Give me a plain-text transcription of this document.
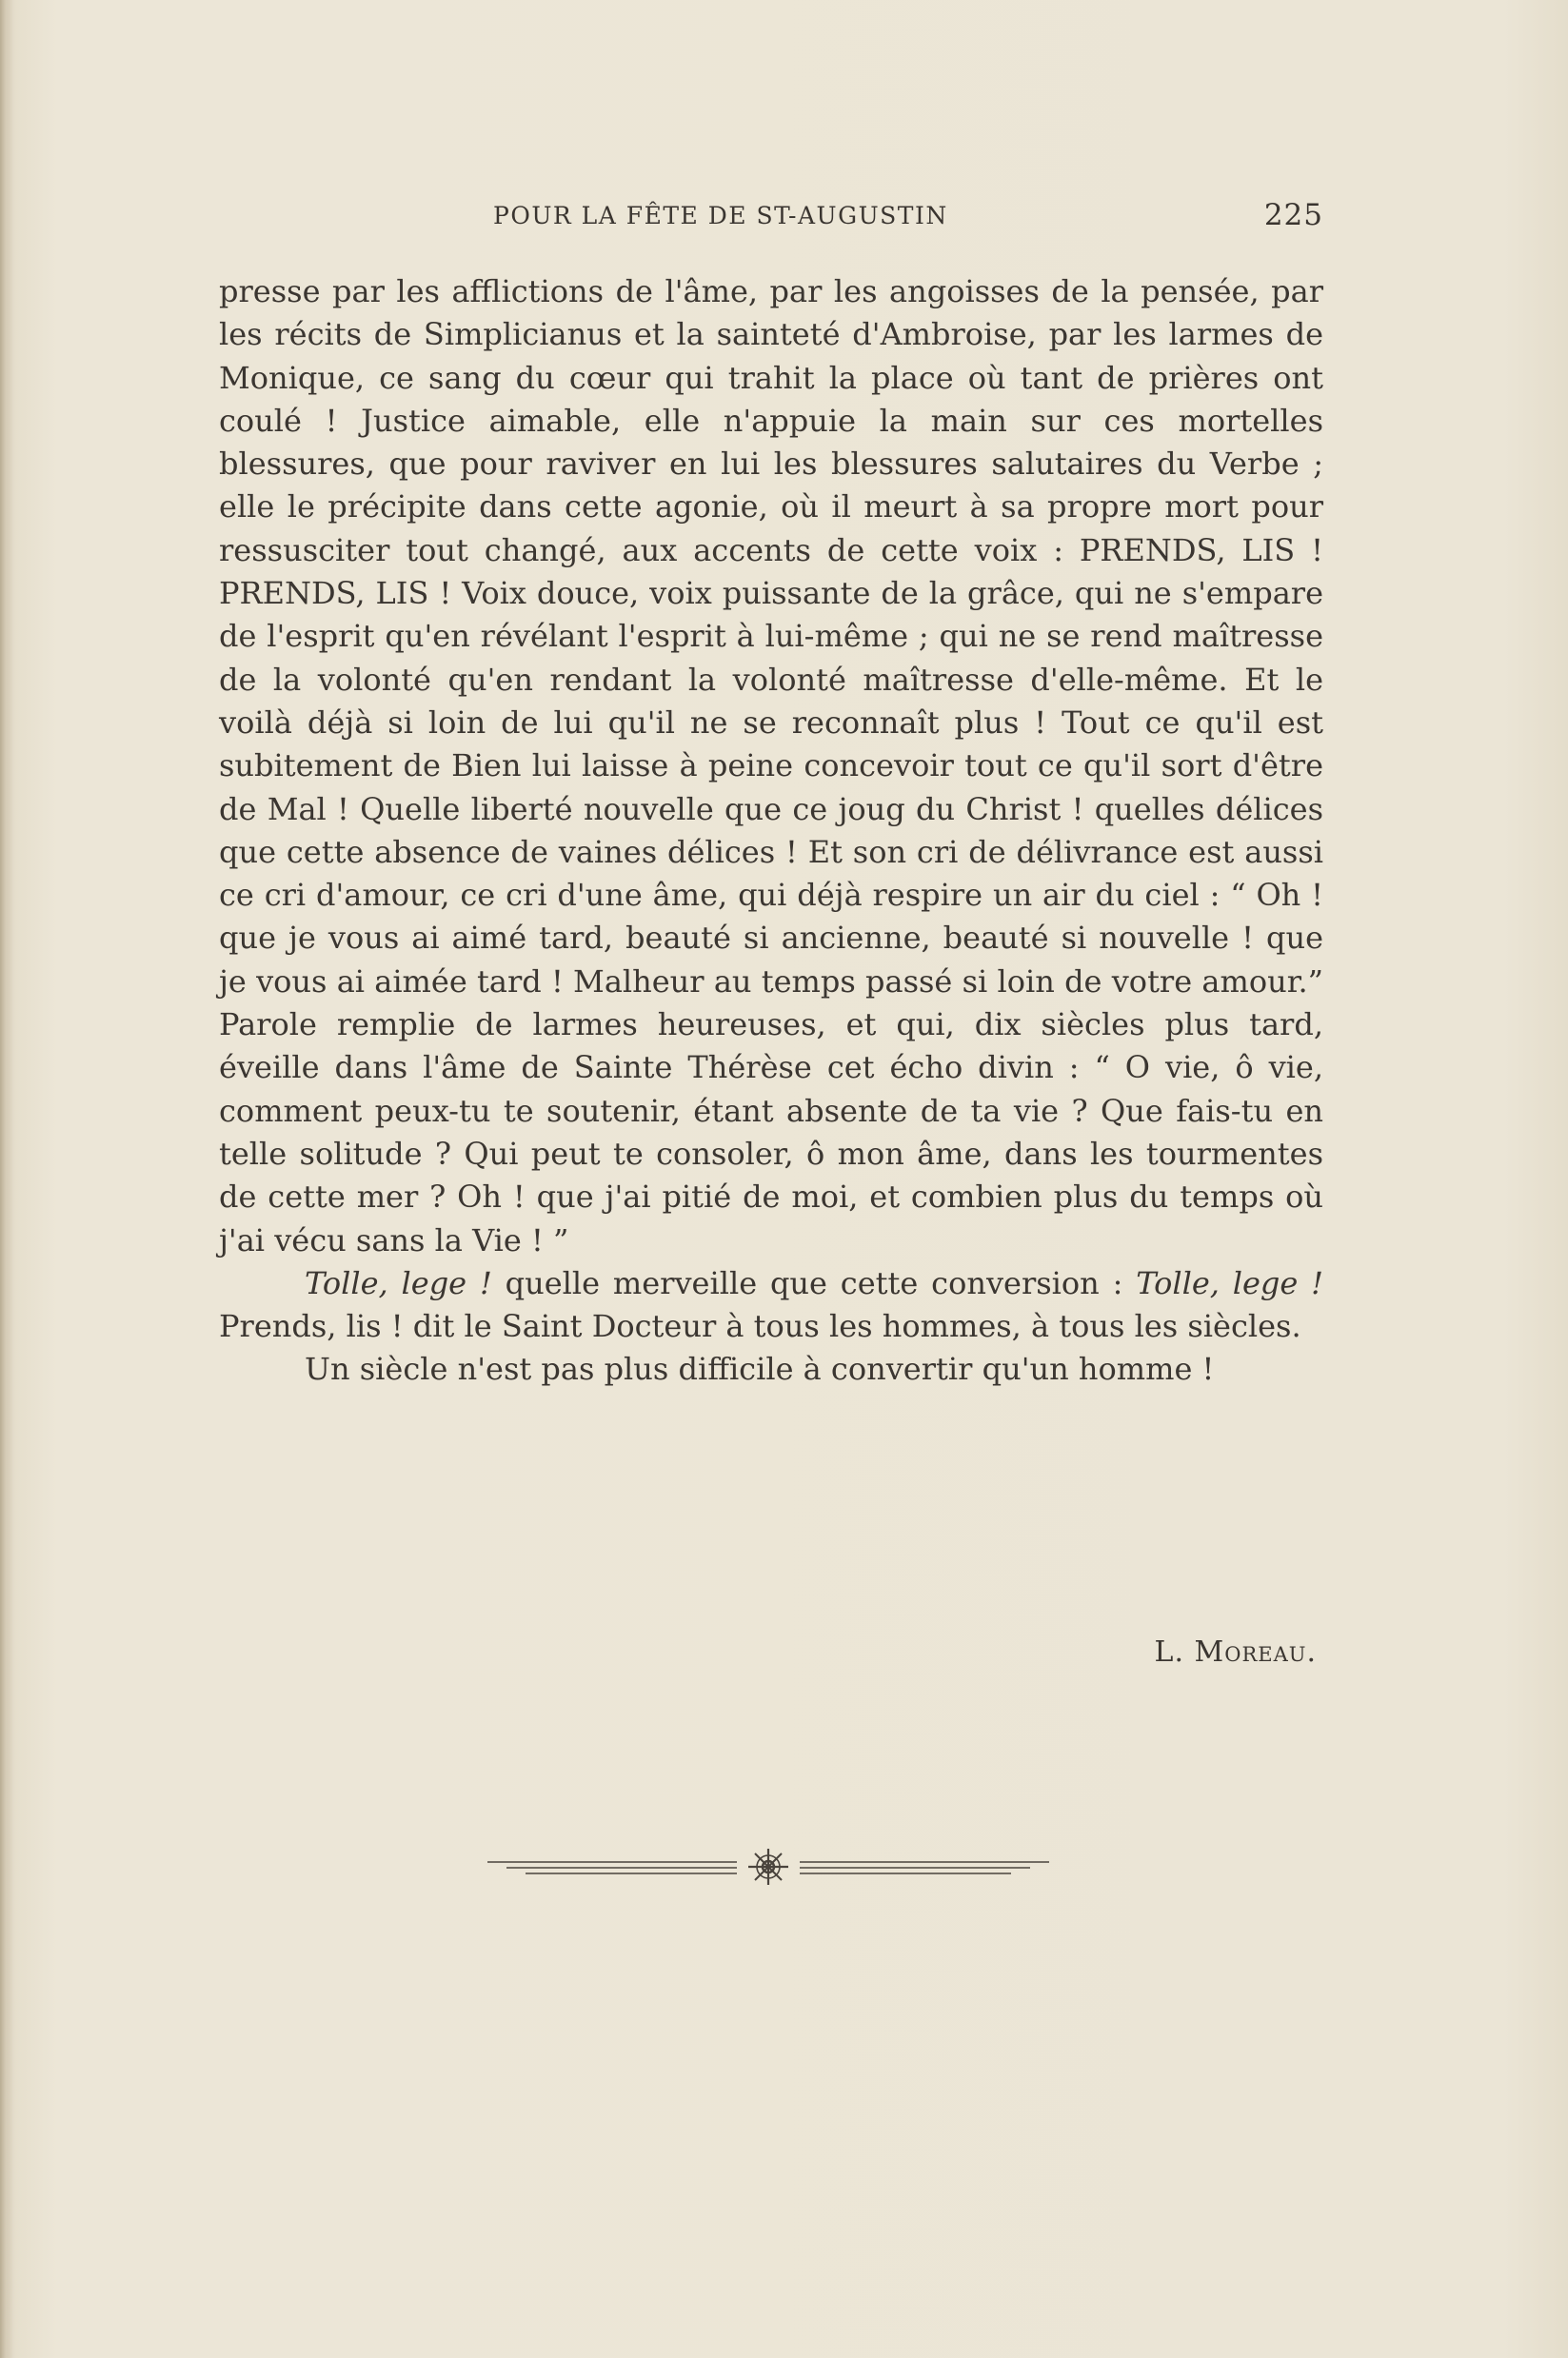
POUR LA FÊTE DE ST-AUGUSTIN	225

presse par les afflictions de l'âme, par les angoisses de la pensée, par les récits de Simplicianus et la sainteté d'Ambroise, par les larmes de Monique, ce sang du cœur qui trahit la place où tant de prières ont coulé ! Justice aimable, elle n'appuie la main sur ces mortelles blessures, que pour raviver en lui les blessures salutaires du Verbe ; elle le précipite dans cette agonie, où il meurt à sa propre mort pour ressusciter tout changé, aux accents de cette voix : PRENDS, LIS ! PRENDS, LIS ! Voix douce, voix puissante de la grâce, qui ne s'empare de l'esprit qu'en révélant l'esprit à lui-même ; qui ne se rend maîtresse de la volonté qu'en rendant la volonté maîtresse d'elle-même. Et le voilà déjà si loin de lui qu'il ne se reconnaît plus ! Tout ce qu'il est subitement de Bien lui laisse à peine concevoir tout ce qu'il sort d'être de Mal ! Quelle liberté nouvelle que ce joug du Christ ! quelles délices que cette absence de vaines délices ! Et son cri de délivrance est aussi ce cri d'amour, ce cri d'une âme, qui déjà respire un air du ciel : “ Oh ! que je vous ai aimé tard, beauté si ancienne, beauté si nouvelle ! que je vous ai aimée tard ! Malheur au temps passé si loin de votre amour.” Parole remplie de larmes heureuses, et qui, dix siècles plus tard, éveille dans l'âme de Sainte Thérèse cet écho divin : “ O vie, ô vie, comment peux-tu te soutenir, étant absente de ta vie ? Que fais-tu en telle solitude ? Qui peut te consoler, ô mon âme, dans les tourmentes de cette mer ? Oh ! que j'ai pitié de moi, et combien plus du temps où j'ai vécu sans la Vie ! ”

Tolle, lege ! quelle merveille que cette conversion : Tolle, lege ! Prends, lis ! dit le Saint Docteur à tous les hommes, à tous les siècles.

Un siècle n'est pas plus difficile à convertir qu'un homme !

L. Moreau.
